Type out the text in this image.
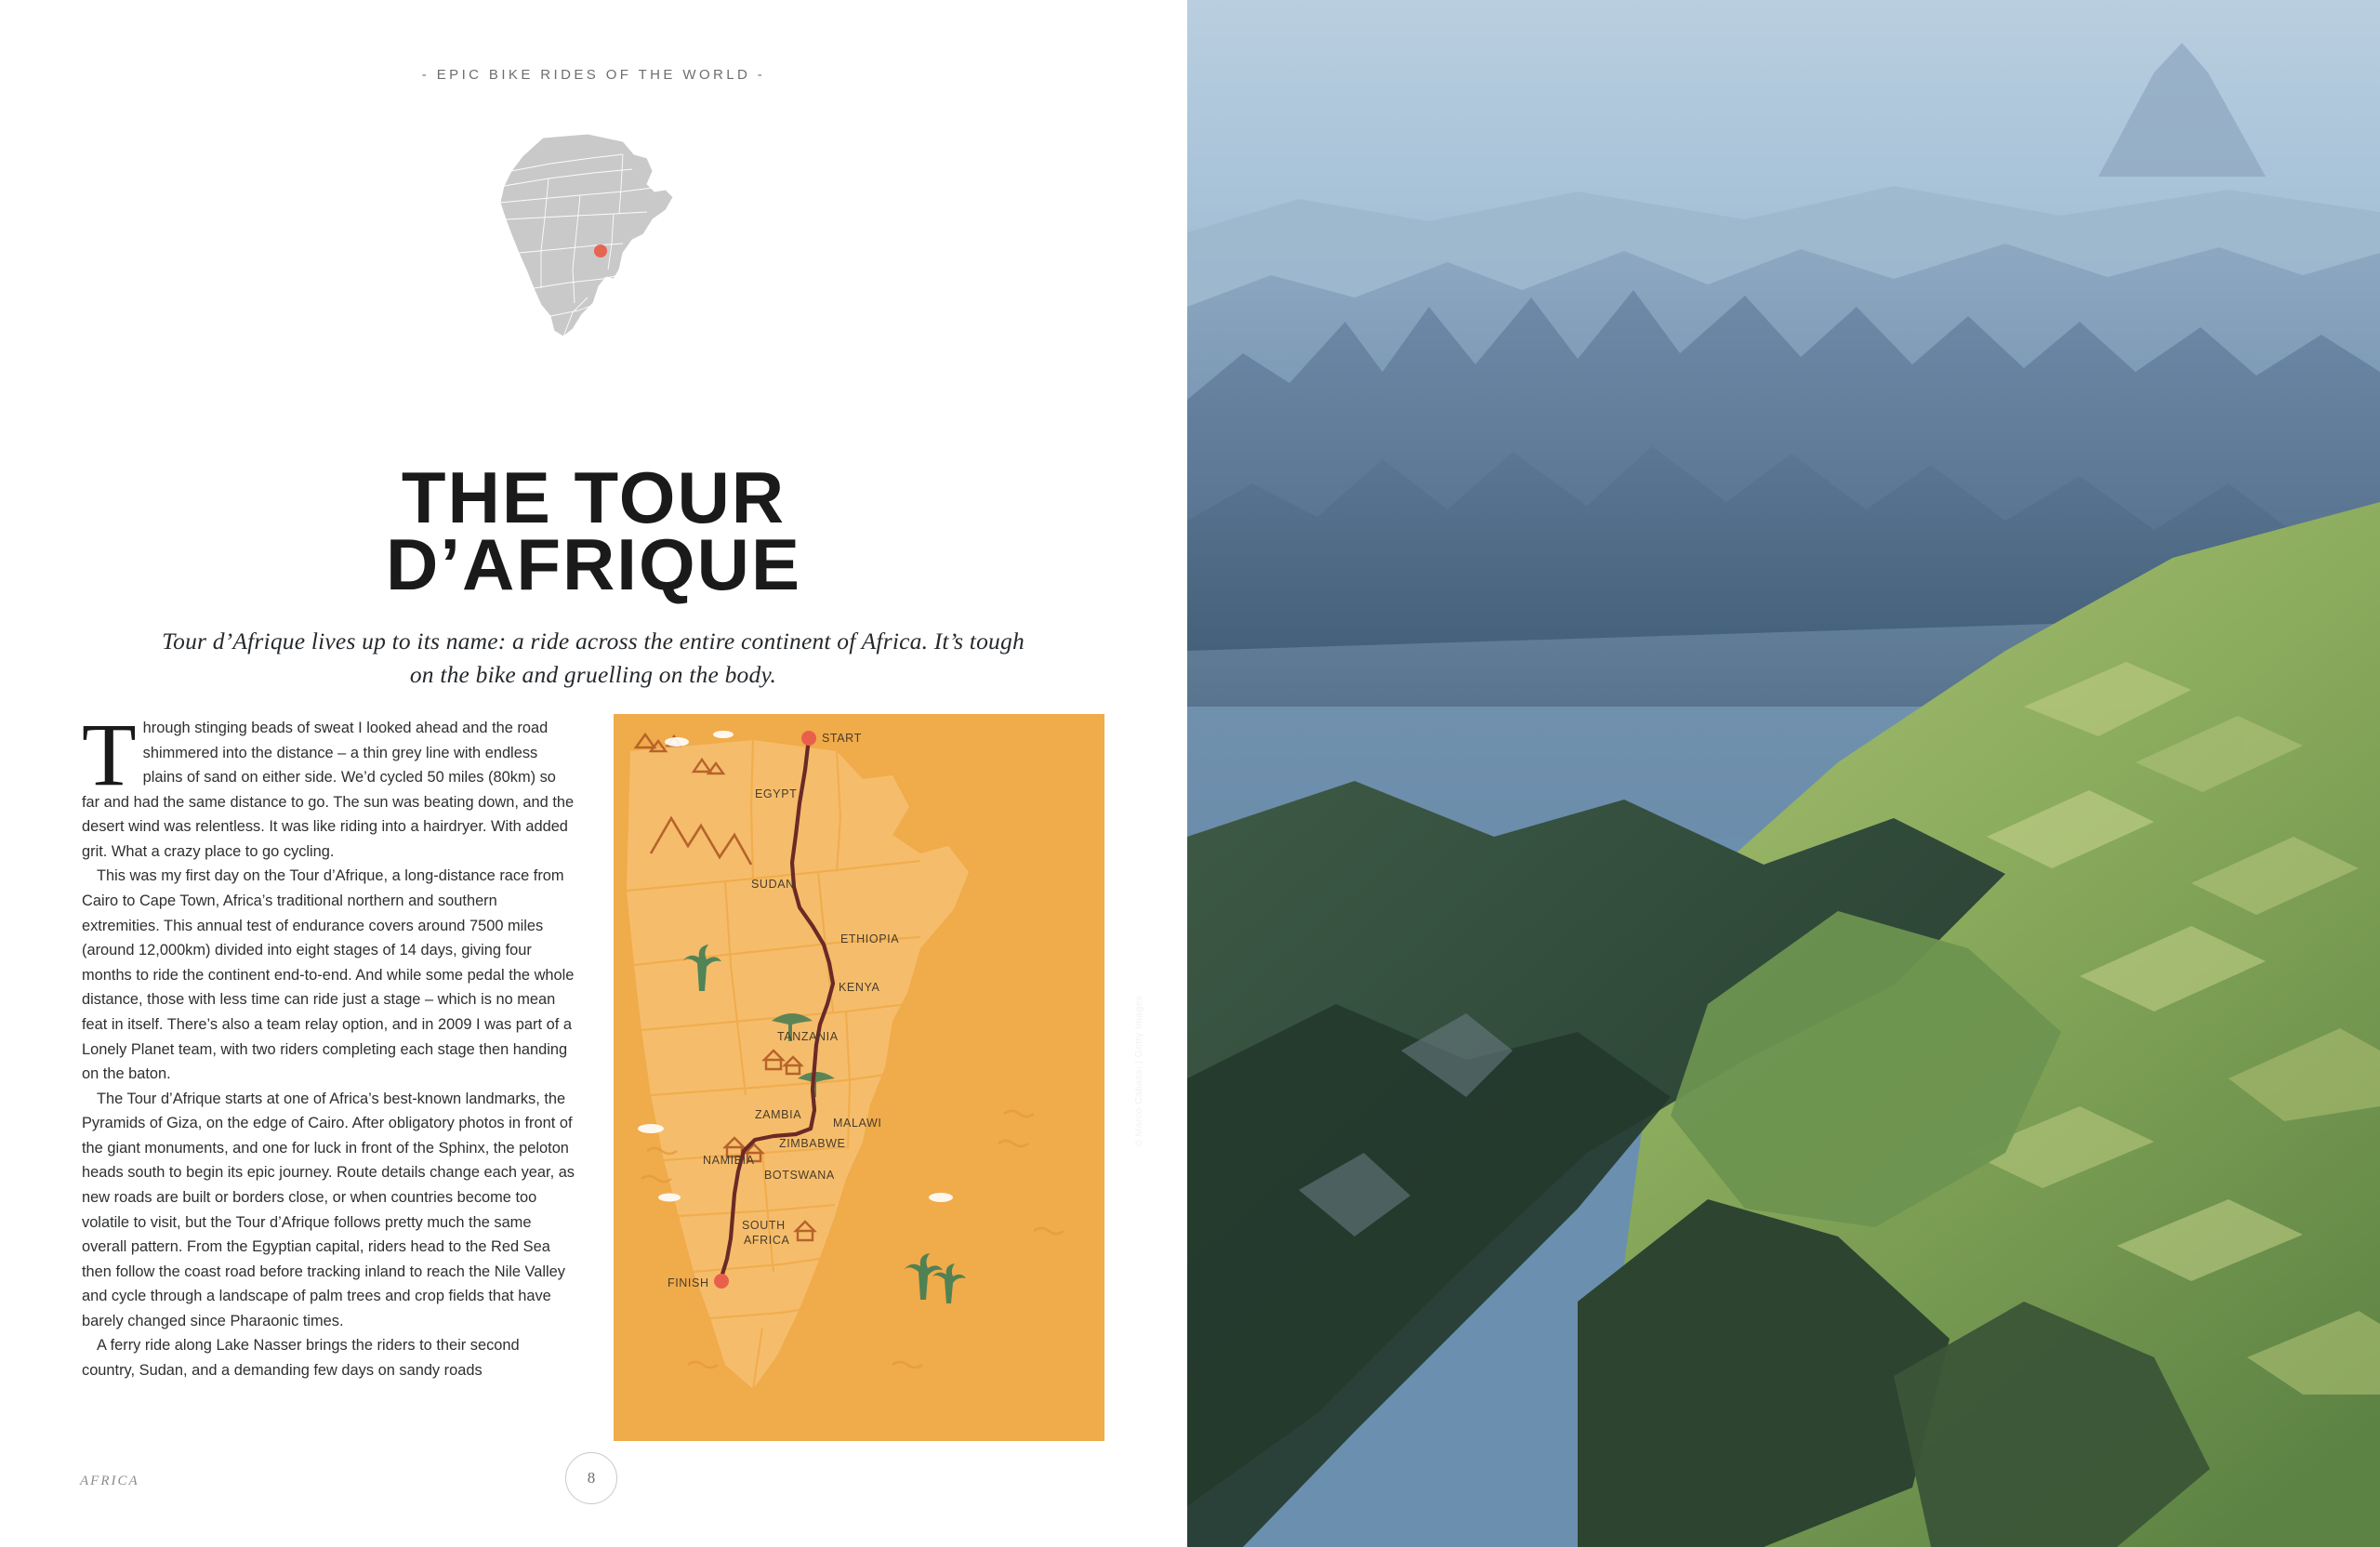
- EPIC BIKE RIDES OF THE WORLD -
THE TOUR
D’AFRIQUE
Tour d’Afrique lives up to its name: a ride across the entire continent of Africa. It’s tough on the bike and gruelling on the body.

Through stinging beads of sweat I looked ahead and the road shimmered into the distance – a thin grey line with endless plains of sand on either side. We’d cycled 50 miles (80km) so far and had the same distance to go. The sun was beating down, and the desert wind was relentless. It was like riding into a hairdryer. With added grit. What a crazy place to go cycling.

This was my first day on the Tour d’Afrique, a long-distance race from Cairo to Cape Town, Africa’s traditional northern and southern extremities. This annual test of endurance covers around 7500 miles (around 12,000km) divided into eight stages of 14 days, giving four months to ride the continent end-to-end. And while some pedal the whole distance, those with less time can ride just a stage – which is no mean feat in itself. There’s also a team relay option, and in 2009 I was part of a Lonely Planet team, with two riders completing each stage then handing on the baton.

The Tour d’Afrique starts at one of Africa’s best-known landmarks, the Pyramids of Giza, on the edge of Cairo. After obligatory photos in front of the giant monuments, and one for luck in front of the Sphinx, the peloton heads south to begin its epic journey. Route details change each year, as new roads are built or borders close, or when countries become too volatile to visit, but the Tour d’Afrique follows pretty much the same overall pattern. From the Egyptian capital, riders head to the Red Sea then follow the coast road before tracking inland to reach the Nile Valley and cycle through a landscape of palm trees and crop fields that have barely changed since Pharaonic times.

A ferry ride along Lake Nasser brings the riders to their second country, Sudan, and a demanding few days on sandy roads

START
FINISH
EGYPT
SUDAN
ETHIOPIA
KENYA
TANZANIA
MALAWI
ZAMBIA
ZIMBABWE
NAMIBIA
BOTSWANA
SOUTH
AFRICA
AFRICA	8
© Marco Cabassi | Getty Images
